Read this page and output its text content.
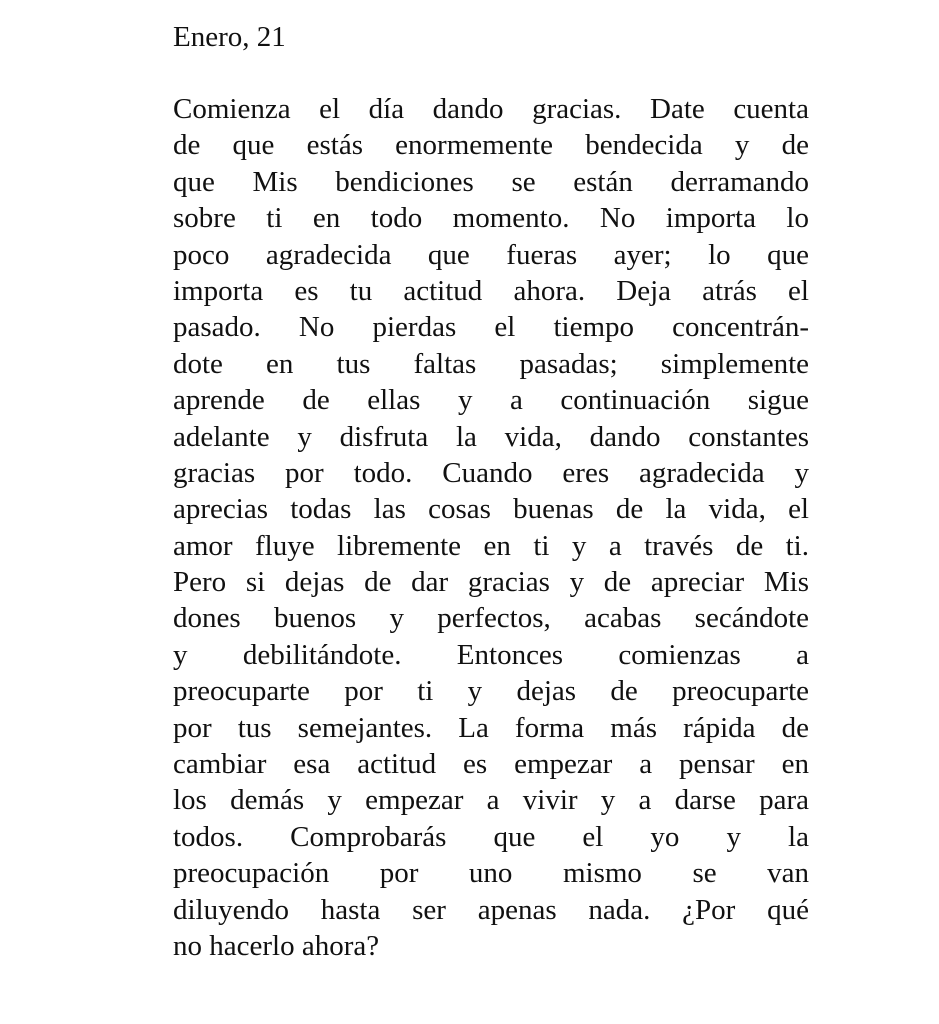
Enero, 21
Comienza el día dando gracias. Date cuenta
de que estás enormemente bendecida y de
que Mis bendiciones se están derramando
sobre ti en todo momento. No importa lo
poco agradecida que fueras ayer; lo que
importa es tu actitud ahora. Deja atrás el
pasado. No pierdas el tiempo concentrán-
dote en tus faltas pasadas; simplemente
aprende de ellas y a continuación sigue
adelante y disfruta la vida, dando constantes
gracias por todo. Cuando eres agradecida y
aprecias todas las cosas buenas de la vida, el
amor fluye libremente en ti y a través de ti.
Pero si dejas de dar gracias y de apreciar Mis
dones buenos y perfectos, acabas secándote
y debilitándote. Entonces comienzas a
preocuparte por ti y dejas de preocuparte
por tus semejantes. La forma más rápida de
cambiar esa actitud es empezar a pensar en
los demás y empezar a vivir y a darse para
todos. Comprobarás que el yo y la
preocupación por uno mismo se van
diluyendo hasta ser apenas nada. ¿Por qué
no hacerlo ahora?
